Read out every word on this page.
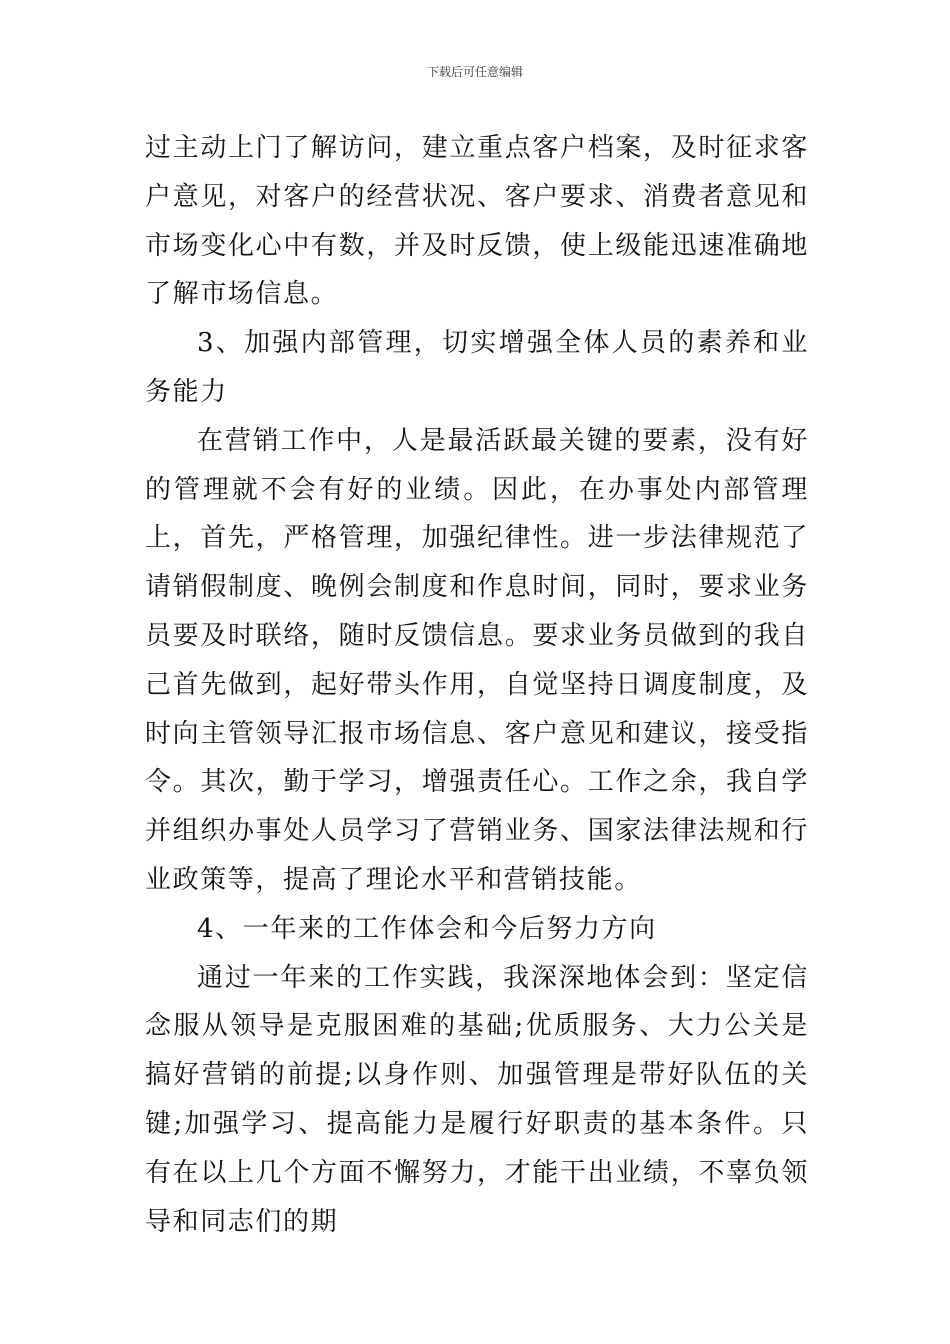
下载后可任意编辑

过主动上门了解访问，建立重点客户档案，及时征求客户意见，对客户的经营状况、客户要求、消费者意见和市场变化心中有数，并及时反馈，使上级能迅速准确地了解市场信息。

3、加强内部管理，切实增强全体人员的素养和业务能力

在营销工作中，人是最活跃最关键的要素，没有好的管理就不会有好的业绩。因此，在办事处内部管理上，首先，严格管理，加强纪律性。进一步法律规范了请销假制度、晚例会制度和作息时间，同时，要求业务员要及时联络，随时反馈信息。要求业务员做到的我自己首先做到，起好带头作用，自觉坚持日调度制度，及时向主管领导汇报市场信息、客户意见和建议，接受指令。其次，勤于学习，增强责任心。工作之余，我自学并组织办事处人员学习了营销业务、国家法律法规和行业政策等，提高了理论水平和营销技能。

4、一年来的工作体会和今后努力方向

通过一年来的工作实践，我深深地体会到：坚定信念服从领导是克服困难的基础;优质服务、大力公关是搞好营销的前提;以身作则、加强管理是带好队伍的关键;加强学习、提高能力是履行好职责的基本条件。只有在以上几个方面不懈努力，才能干出业绩，不辜负领导和同志们的期
